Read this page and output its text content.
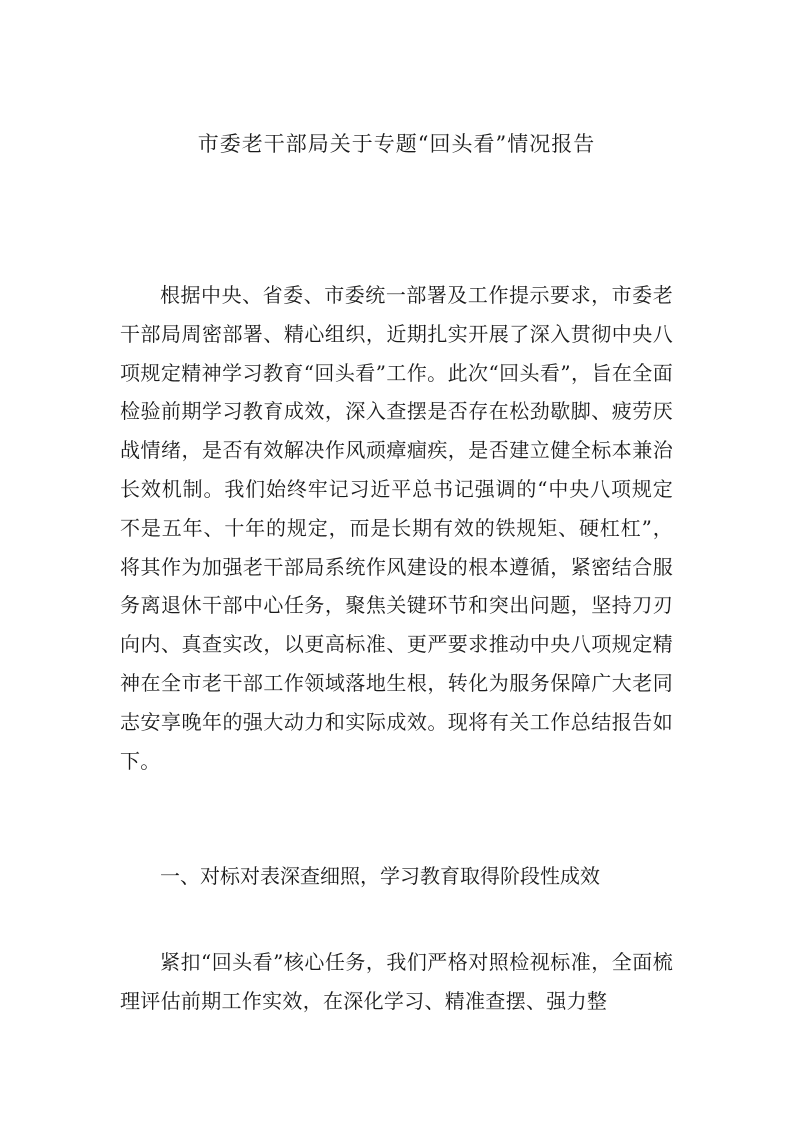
市委老干部局关于专题“回头看”情况报告

根据中央、省委、市委统一部署及工作提示要求，市委老干部局周密部署、精心组织，近期扎实开展了深入贯彻中央八项规定精神学习教育“回头看”工作。此次“回头看”，旨在全面检验前期学习教育成效，深入查摆是否存在松劲歇脚、疲劳厌战情绪，是否有效解决作风顽瘴痼疾，是否建立健全标本兼治长效机制。我们始终牢记习近平总书记强调的“中央八项规定不是五年、十年的规定，而是长期有效的铁规矩、硬杠杠”，将其作为加强老干部局系统作风建设的根本遵循，紧密结合服务离退休干部中心任务，聚焦关键环节和突出问题，坚持刀刃向内、真查实改，以更高标准、更严要求推动中央八项规定精神在全市老干部工作领域落地生根，转化为服务保障广大老同志安享晚年的强大动力和实际成效。现将有关工作总结报告如下。

一、对标对表深查细照，学习教育取得阶段性成效

紧扣“回头看”核心任务，我们严格对照检视标准，全面梳理评估前期工作实效，在深化学习、精准查摆、强力整
